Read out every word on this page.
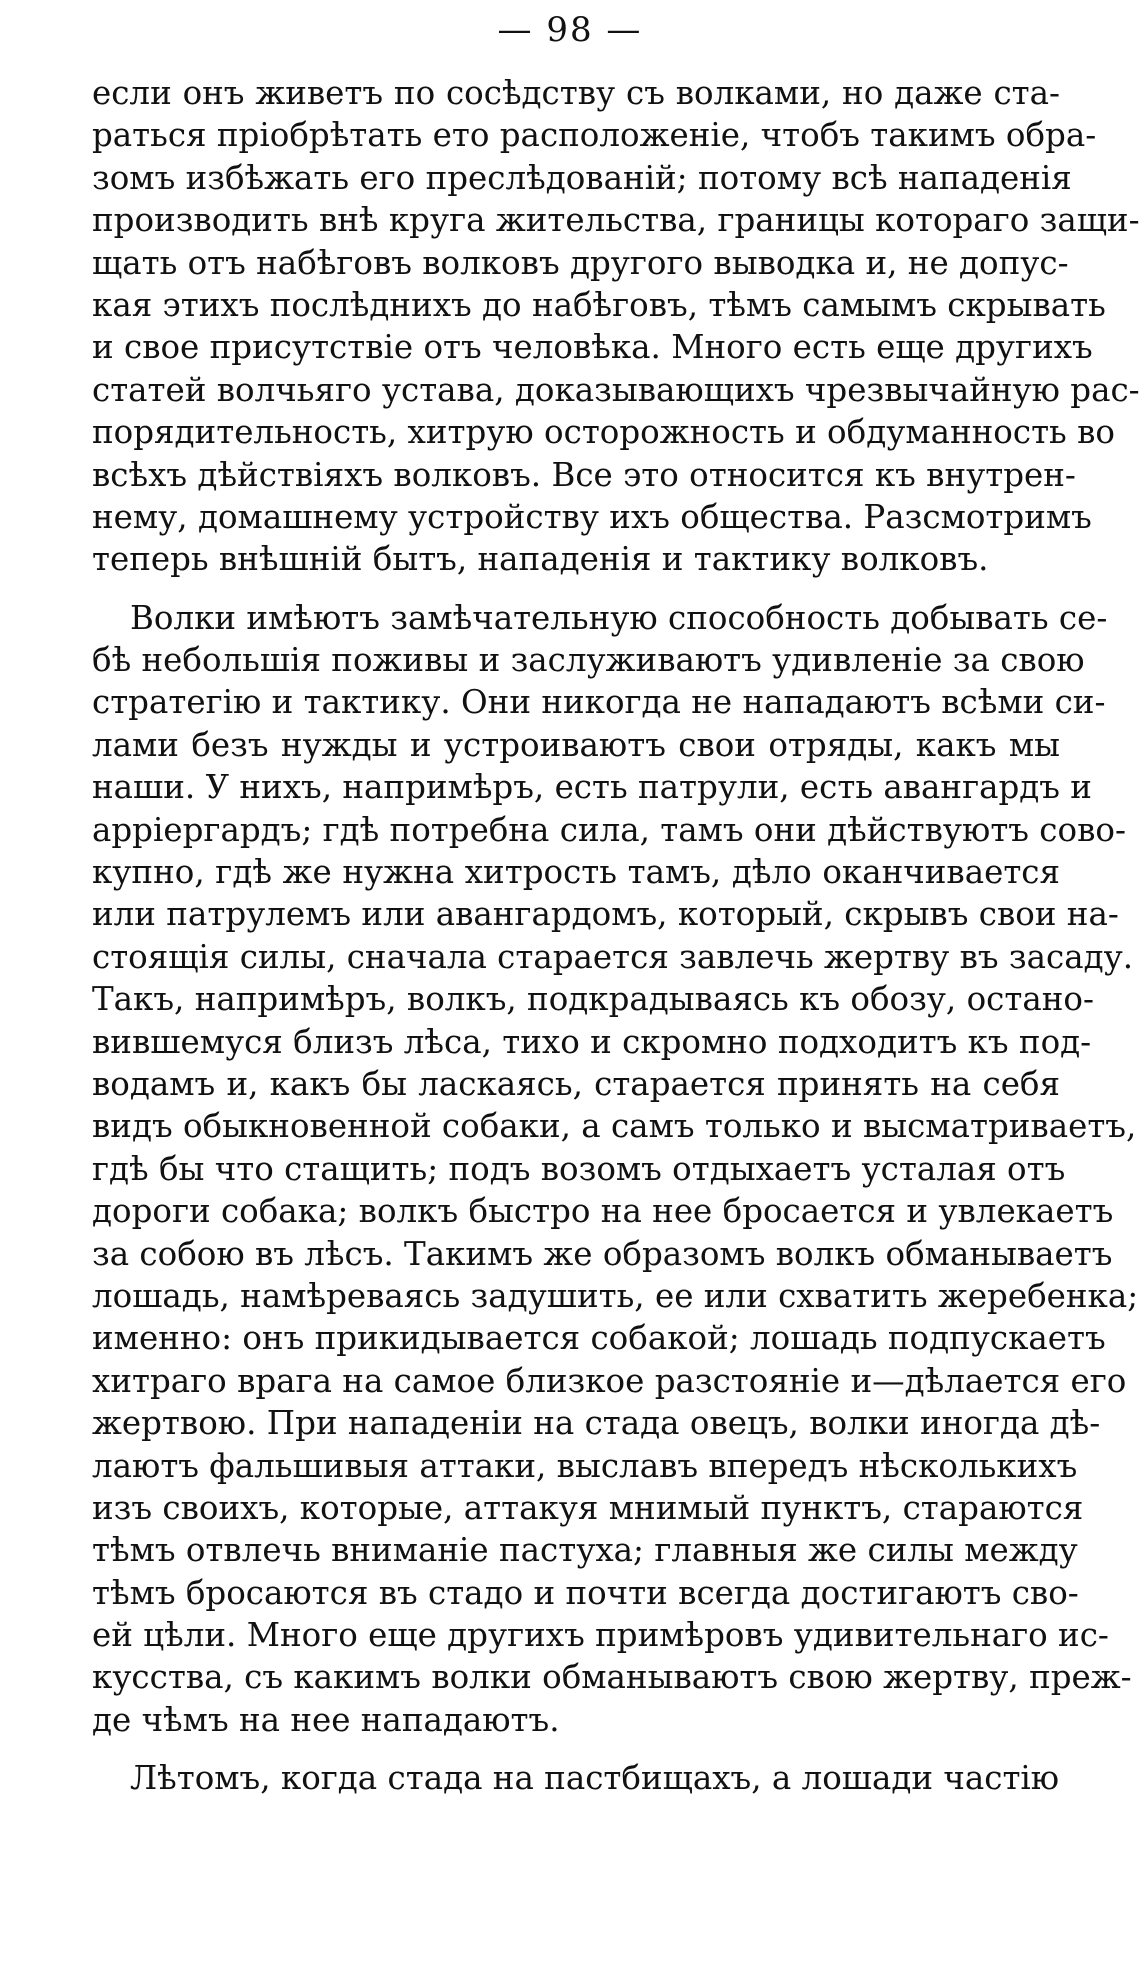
— 98 —
если онъ живетъ по сосѣдству съ волками, но даже ста-
раться пріобрѣтать ето расположеніе, чтобъ такимъ обра-
зомъ избѣжать его преслѣдованій; потому всѣ нападенія
производить внѣ круга жительства, границы котораго защи-
щать отъ набѣговъ волковъ другого выводка и, не допус-
кая этихъ послѣднихъ до набѣговъ, тѣмъ самымъ скрывать
и свое присутствіе отъ человѣка. Много есть еще другихъ
статей волчьяго устава, доказывающихъ чрезвычайную рас-
порядительность, хитрую осторожность и обдуманность во
всѣхъ дѣйствіяхъ волковъ. Все это относится къ внутрен-
нему, домашнему устройству ихъ общества. Разсмотримъ
теперь внѣшній бытъ, нападенія и тактику волковъ.
Волки имѣютъ замѣчательную способность добывать се-
бѣ небольшія поживы и заслуживаютъ удивленіе за свою
стратегію и тактику. Они никогда не нападаютъ всѣми си-
лами безъ нужды и устроиваютъ свои отряды, какъ мы
наши. У нихъ, напримѣръ, есть патрули, есть авангардъ и
арріергардъ; гдѣ потребна сила, тамъ они дѣйствуютъ сово-
купно, гдѣ же нужна хитрость тамъ, дѣло оканчивается
или патрулемъ или авангардомъ, который, скрывъ свои на-
стоящія силы, сначала старается завлечь жертву въ засаду.
Такъ, напримѣръ, волкъ, подкрадываясь къ обозу, остано-
вившемуся близъ лѣса, тихо и скромно подходитъ къ под-
водамъ и, какъ бы ласкаясь, старается принять на себя
видъ обыкновенной собаки, а самъ только и высматриваетъ,
гдѣ бы что стащить; подъ возомъ отдыхаетъ усталая отъ
дороги собака; волкъ быстро на нее бросается и увлекаетъ
за собою въ лѣсъ. Такимъ же образомъ волкъ обманываетъ
лошадь, намѣреваясь задушить, ее или схватить жеребенка;
именно: онъ прикидывается собакой; лошадь подпускаетъ
хитраго врага на самое близкое разстояніе и—дѣлается его
жертвою. При нападеніи на стада овецъ, волки иногда дѣ-
лаютъ фальшивыя аттаки, выславъ впередъ нѣсколькихъ
изъ своихъ, которые, аттакуя мнимый пунктъ, стараются
тѣмъ отвлечь вниманіе пастуха; главныя же силы между
тѣмъ бросаются въ стадо и почти всегда достигаютъ сво-
ей цѣли. Много еще другихъ примѣровъ удивительнаго ис-
кусства, съ какимъ волки обманываютъ свою жертву, преж-
де чѣмъ на нее нападаютъ.
Лѣтомъ, когда стада на пастбищахъ, а лошади частію
